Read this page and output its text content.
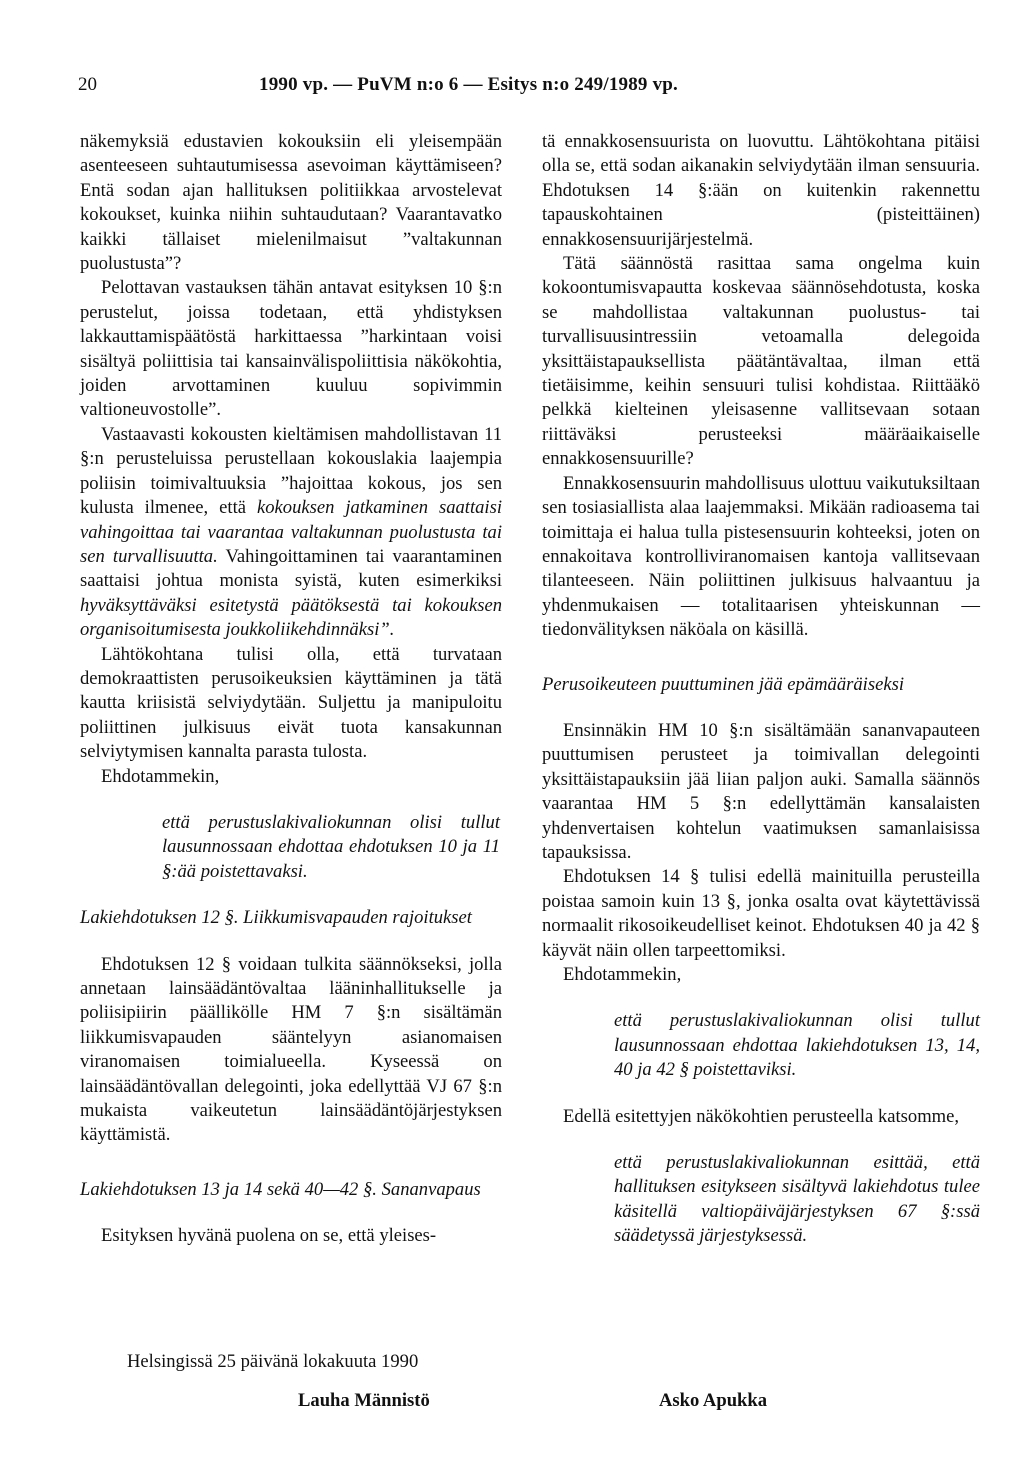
20	1990 vp. — PuVM n:o 6 — Esitys n:o 249/1989 vp.

näkemyksiä edustavien kokouksiin eli yleisempään asenteeseen suhtautumisessa asevoiman käyttämiseen? Entä sodan ajan hallituksen politiikkaa arvostelevat kokoukset, kuinka niihin suhtaudutaan? Vaarantavatko kaikki tällaiset mielenilmaisut ”valtakunnan puolustusta”?

Pelottavan vastauksen tähän antavat esityksen 10 §:n perustelut, joissa todetaan, että yhdistyksen lakkauttamispäätöstä harkittaessa ”harkintaan voisi sisältyä poliittisia tai kansainvälispoliittisia näkökohtia, joiden arvottaminen kuuluu sopivimmin valtioneuvostolle”.

Vastaavasti kokousten kieltämisen mahdollistavan 11 §:n perusteluissa perustellaan kokouslakia laajempia poliisin toimivaltuuksia ”hajoittaa kokous, jos sen kulusta ilmenee, että kokouksen jatkaminen saattaisi vahingoittaa tai vaarantaa valtakunnan puolustusta tai sen turvallisuutta. Vahingoittaminen tai vaarantaminen saattaisi johtua monista syistä, kuten esimerkiksi hyväksyttäväksi esitetystä päätöksestä tai kokouksen organisoitumisesta joukkoliikehdinnäksi”.

Lähtökohtana tulisi olla, että turvataan demokraattisten perusoikeuksien käyttäminen ja tätä kautta kriisistä selviydytään. Suljettu ja manipuloitu poliittinen julkisuus eivät tuota kansakunnan selviytymisen kannalta parasta tulosta.

Ehdotammekin,

että perustuslakivaliokunnan olisi tullut lausunnossaan ehdottaa ehdotuksen 10 ja 11 §:ää poistettavaksi.

Lakiehdotuksen 12 §. Liikkumisvapauden rajoitukset

Ehdotuksen 12 § voidaan tulkita säännökseksi, jolla annetaan lainsäädäntövaltaa lääninhallitukselle ja poliisipiirin päällikölle HM 7 §:n sisältämän liikkumisvapauden sääntelyyn asianomaisen viranomaisen toimialueella. Kyseessä on lainsäädäntövallan delegointi, joka edellyttää VJ 67 §:n mukaista vaikeutetun lainsäädäntöjärjestyksen käyttämistä.

Lakiehdotuksen 13 ja 14 sekä 40—42 §. Sananvapaus

Esityksen hyvänä puolena on se, että yleises-

tä ennakkosensuurista on luovuttu. Lähtökohtana pitäisi olla se, että sodan aikanakin selviydytään ilman sensuuria. Ehdotuksen 14 §:ään on kuitenkin rakennettu tapauskohtainen (pisteittäinen) ennakkosensuurijärjestelmä.

Tätä säännöstä rasittaa sama ongelma kuin kokoontumisvapautta koskevaa säännösehdotusta, koska se mahdollistaa valtakunnan puolustus- tai turvallisuusintressiin vetoamalla delegoida yksittäistapauksellista päätäntävaltaa, ilman että tietäisimme, keihin sensuuri tulisi kohdistaa. Riittääkö pelkkä kielteinen yleisasenne vallitsevaan sotaan riittäväksi perusteeksi määräaikaiselle ennakkosensuurille?

Ennakkosensuurin mahdollisuus ulottuu vaikutuksiltaan sen tosiasiallista alaa laajemmaksi. Mikään radioasema tai toimittaja ei halua tulla pistesensuurin kohteeksi, joten on ennakoitava kontrolliviranomaisen kantoja vallitsevaan tilanteeseen. Näin poliittinen julkisuus halvaantuu ja yhdenmukaisen — totalitaarisen yhteiskunnan — tiedonvälityksen näköala on käsillä.

Perusoikeuteen puuttuminen jää epämääräiseksi

Ensinnäkin HM 10 §:n sisältämään sananvapauteen puuttumisen perusteet ja toimivallan delegointi yksittäistapauksiin jää liian paljon auki. Samalla säännös vaarantaa HM 5 §:n edellyttämän kansalaisten yhdenvertaisen kohtelun vaatimuksen samanlaisissa tapauksissa.

Ehdotuksen 14 § tulisi edellä mainituilla perusteilla poistaa samoin kuin 13 §, jonka osalta ovat käytettävissä normaalit rikosoikeudelliset keinot. Ehdotuksen 40 ja 42 § käyvät näin ollen tarpeettomiksi.

Ehdotammekin,

että perustuslakivaliokunnan olisi tullut lausunnossaan ehdottaa lakiehdotuksen 13, 14, 40 ja 42 § poistettaviksi.

Edellä esitettyjen näkökohtien perusteella katsomme,

että perustuslakivaliokunnan esittää, että hallituksen esitykseen sisältyvä lakiehdotus tulee käsitellä valtiopäiväjärjestyksen 67 §:ssä säädetyssä järjestyksessä.

Helsingissä 25 päivänä lokakuuta 1990
Lauha Männistö	Asko Apukka
